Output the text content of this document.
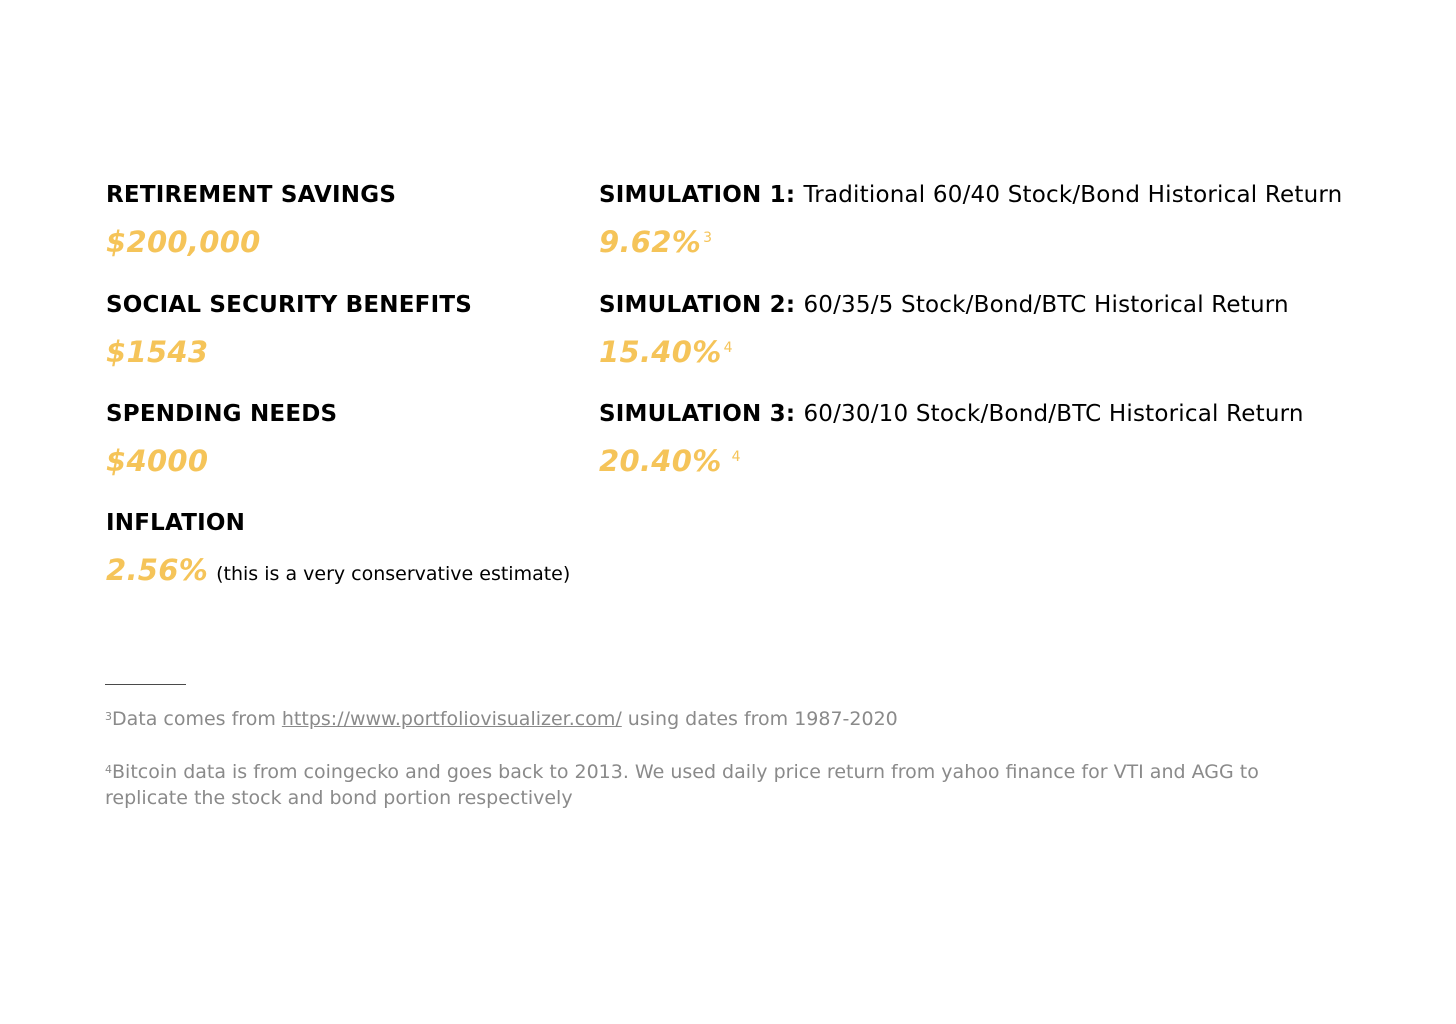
RETIREMENT SAVINGS
$200,000
SOCIAL SECURITY BENEFITS
$1543
SPENDING NEEDS
$4000
INFLATION
2.56% (this is a very conservative estimate)
SIMULATION 1: Traditional 60/40 Stock/Bond Historical Return
9.62% $^3$
SIMULATION 2: 60/35/5 Stock/Bond/BTC Historical Return
15.40% $^4$
SIMULATION 3: 60/30/10 Stock/Bond/BTC Historical Return
20.40% $^4$
$^3$Data comes from https://www.portfoliovisualizer.com/ using dates from 1987-2020
$^4$Bitcoin data is from coingecko and goes back to 2013. We used daily price return from yahoo finance for VTI and AGG to replicate the stock and bond portion respectively
